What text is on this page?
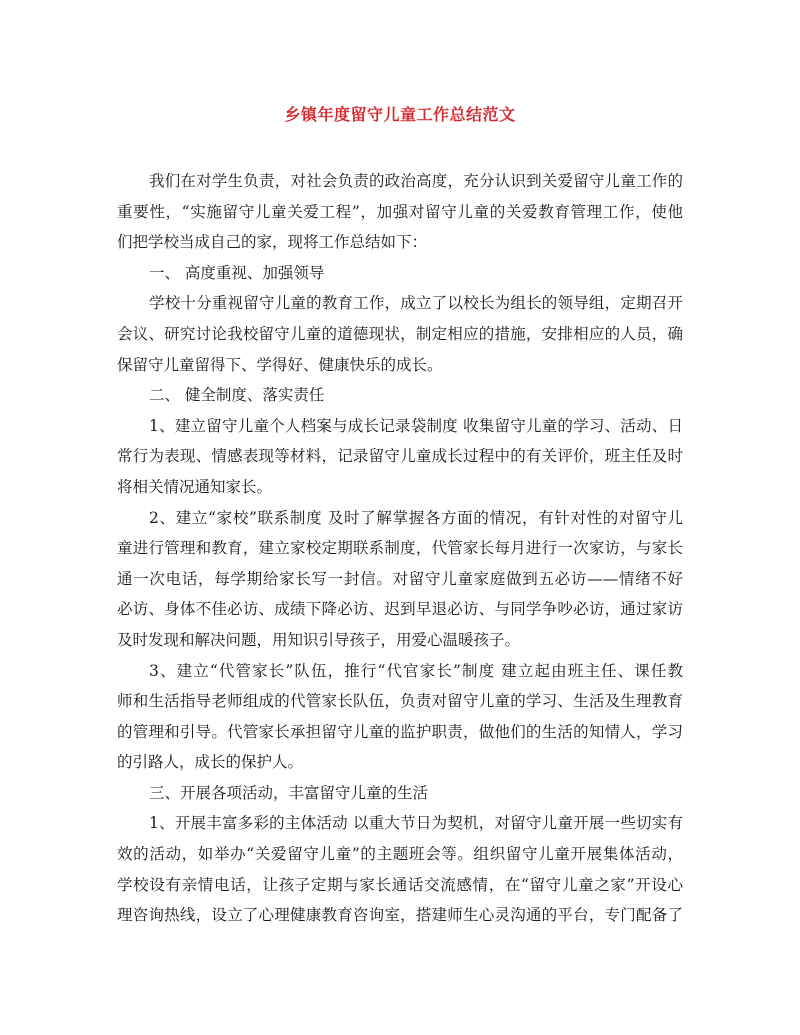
乡镇年度留守儿童工作总结范文
我们在对学生负责，对社会负责的政治高度，充分认识到关爱留守儿童工作的
重要性，“实施留守儿童关爱工程”，加强对留守儿童的关爱教育管理工作，使他
们把学校当成自己的家，现将工作总结如下：
一、 高度重视、加强领导
学校十分重视留守儿童的教育工作，成立了以校长为组长的领导组，定期召开
会议、研究讨论我校留守儿童的道德现状，制定相应的措施，安排相应的人员，确
保留守儿童留得下、学得好、健康快乐的成长。
二、 健全制度、落实责任
1、建立留守儿童个人档案与成长记录袋制度 收集留守儿童的学习、活动、日
常行为表现、情感表现等材料，记录留守儿童成长过程中的有关评价，班主任及时
将相关情况通知家长。
2、建立“家校”联系制度 及时了解掌握各方面的情况，有针对性的对留守儿
童进行管理和教育，建立家校定期联系制度，代管家长每月进行一次家访，与家长
通一次电话，每学期给家长写一封信。对留守儿童家庭做到五必访——情绪不好
必访、身体不佳必访、成绩下降必访、迟到早退必访、与同学争吵必访，通过家访
及时发现和解决问题，用知识引导孩子，用爱心温暖孩子。
3、建立“代管家长”队伍，推行“代官家长”制度 建立起由班主任、课任教
师和生活指导老师组成的代管家长队伍，负责对留守儿童的学习、生活及生理教育
的管理和引导。代管家长承担留守儿童的监护职责，做他们的生活的知情人，学习
的引路人，成长的保护人。
三、开展各项活动，丰富留守儿童的生活
1、开展丰富多彩的主体活动 以重大节日为契机，对留守儿童开展一些切实有
效的活动，如举办“关爱留守儿童”的主题班会等。组织留守儿童开展集体活动，
学校设有亲情电话，让孩子定期与家长通话交流感情，在“留守儿童之家”开设心
理咨询热线，设立了心理健康教育咨询室，搭建师生心灵沟通的平台，专门配备了
